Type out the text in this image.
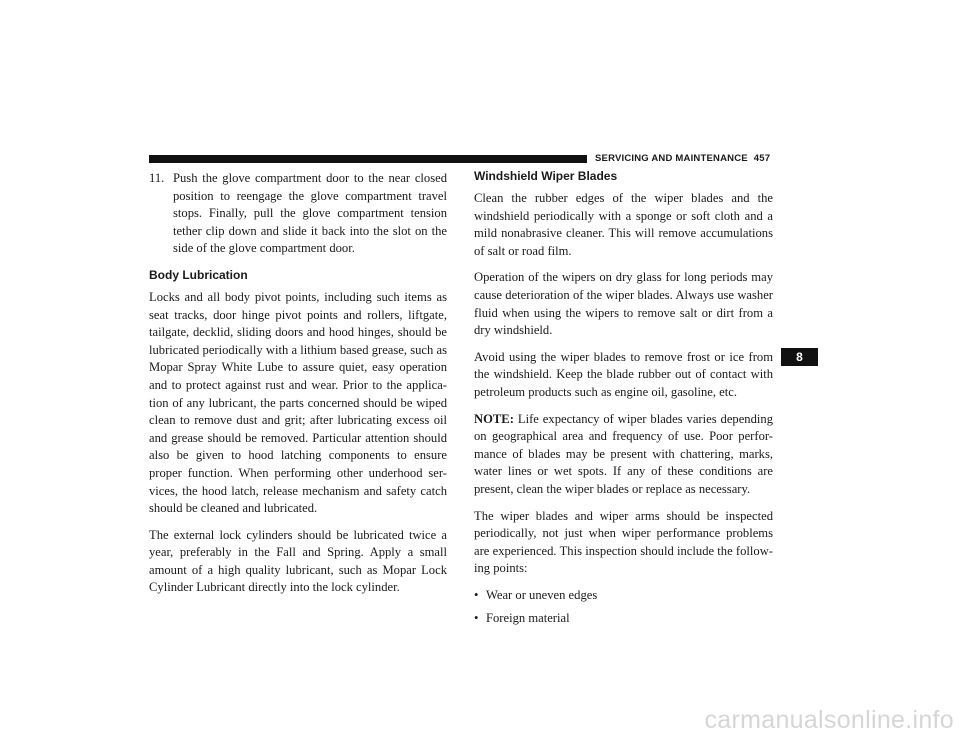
SERVICING AND MAINTENANCE 457
11. Push the glove compartment door to the near closed position to reengage the glove compartment travel stops. Finally, pull the glove compartment tension tether clip down and slide it back into the slot on the side of the glove compartment door.
Body Lubrication

Locks and all body pivot points, including such items as seat tracks, door hinge pivot points and rollers, liftgate, tailgate, decklid, sliding doors and hood hinges, should be lubricated periodically with a lithium based grease, such as Mopar Spray White Lube to assure quiet, easy operation and to protect against rust and wear. Prior to the applica-tion of any lubricant, the parts concerned should be wiped clean to remove dust and grit; after lubricating excess oil and grease should be removed. Particular attention should also be given to hood latching components to ensure proper function. When performing other underhood ser-vices, the hood latch, release mechanism and safety catch should be cleaned and lubricated.

The external lock cylinders should be lubricated twice a year, preferably in the Fall and Spring. Apply a small amount of a high quality lubricant, such as Mopar Lock Cylinder Lubricant directly into the lock cylinder.

Windshield Wiper Blades

Clean the rubber edges of the wiper blades and the windshield periodically with a sponge or soft cloth and a mild nonabrasive cleaner. This will remove accumulations of salt or road film.

Operation of the wipers on dry glass for long periods may cause deterioration of the wiper blades. Always use washer fluid when using the wipers to remove salt or dirt from a dry windshield.

Avoid using the wiper blades to remove frost or ice from the windshield. Keep the blade rubber out of contact with petroleum products such as engine oil, gasoline, etc.

NOTE: Life expectancy of wiper blades varies depending on geographical area and frequency of use. Poor perfor-mance of blades may be present with chattering, marks, water lines or wet spots. If any of these conditions are present, clean the wiper blades or replace as necessary.

The wiper blades and wiper arms should be inspected periodically, not just when wiper performance problems are experienced. This inspection should include the follow-ing points:

• Wear or uneven edges
• Foreign material
8
carmanualsonline.info
